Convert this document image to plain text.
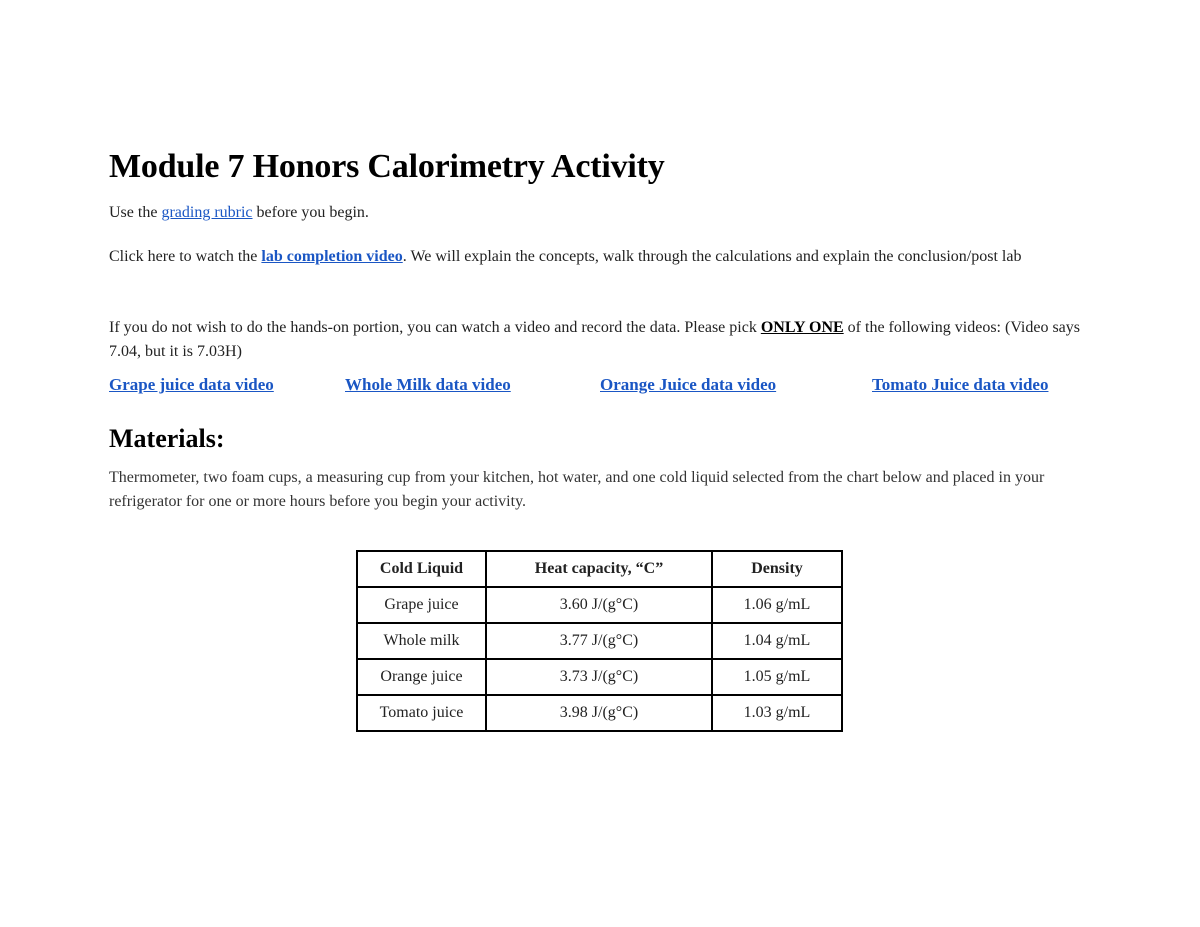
Module 7 Honors Calorimetry Activity

Use the grading rubric before you begin.

Click here to watch the lab completion video. We will explain the concepts, walk through the calculations and explain the conclusion/post lab

If you do not wish to do the hands-on portion, you can watch a video and record the data. Please pick ONLY ONE of the following videos: (Video says 7.04, but it is 7.03H)

Grape juice data video	Whole Milk data video	Orange Juice data video	Tomato Juice data video
Materials:

Thermometer, two foam cups, a measuring cup from your kitchen, hot water, and one cold liquid selected from the chart below and placed in your refrigerator for one or more hours before you begin your activity.

Cold Liquid	Heat capacity, “C”	Density
Grape juice	3.60 J/(g°C)	1.06 g/mL
Whole milk	3.77 J/(g°C)	1.04 g/mL
Orange juice	3.73 J/(g°C)	1.05 g/mL
Tomato juice	3.98 J/(g°C)	1.03 g/mL
